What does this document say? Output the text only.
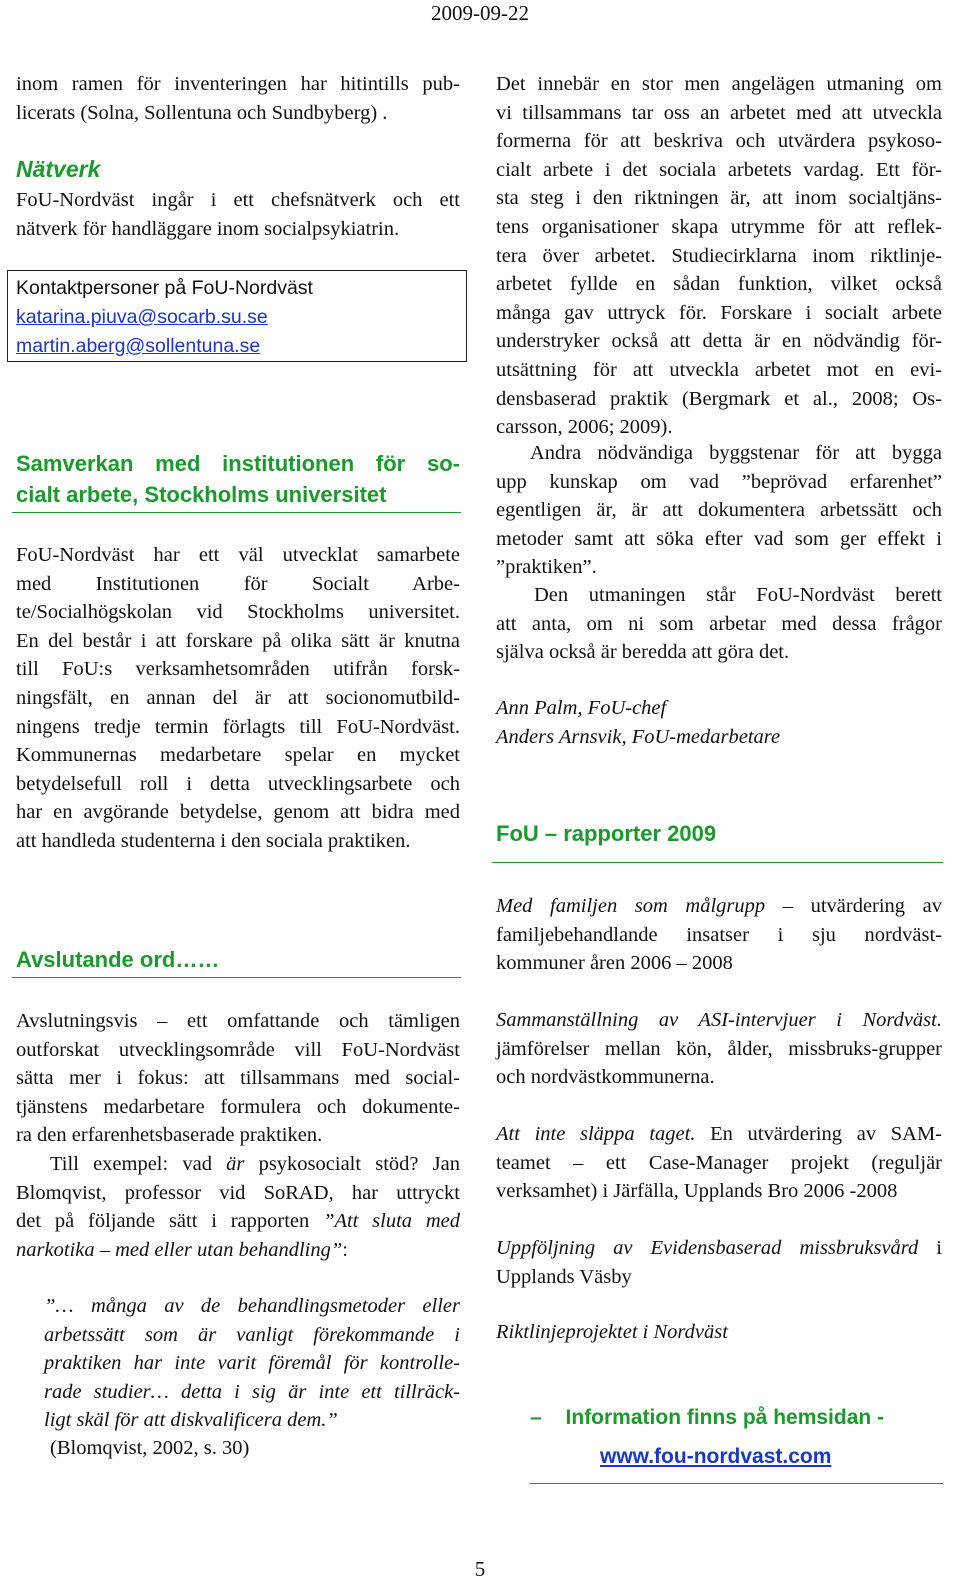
2009-09-22
5
inom ramen för inventeringen har hitintills pub-
licerats (Solna, Sollentuna och Sundbyberg) .
Nätverk
FoU-Nordväst ingår i ett chefsnätverk och ett
nätverk för handläggare inom socialpsykiatrin.
Kontaktpersoner på FoU-Nordväst
katarina.piuva@socarb.su.se
martin.aberg@sollentuna.se
Samverkan med institutionen för so-
cialt arbete, Stockholms universitet
FoU-Nordväst har ett väl utvecklat samarbete
med Institutionen för Socialt Arbe-
te/Socialhögskolan vid Stockholms universitet.
En del består i att forskare på olika sätt är knutna
till FoU:s verksamhetsområden utifrån forsk-
ningsfält, en annan del är att socionomutbild-
ningens tredje termin förlagts till FoU-Nordväst.
Kommunernas medarbetare spelar en mycket
betydelsefull roll i detta utvecklingsarbete och
har en avgörande betydelse, genom att bidra med
att handleda studenterna i den sociala praktiken.
Avslutande ord……
Avslutningsvis – ett omfattande och tämligen
outforskat utvecklingsområde vill FoU-Nordväst
sätta mer i fokus: att tillsammans med social-
tjänstens medarbetare formulera och dokumente-
ra den erfarenhetsbaserade praktiken.
Till exempel: vad är psykosocialt stöd? Jan
Blomqvist, professor vid SoRAD, har uttryckt
det på följande sätt i rapporten ”Att sluta med
narkotika – med eller utan behandling”:
”… många av de behandlingsmetoder eller
arbetssätt som är vanligt förekommande i
praktiken har inte varit föremål för kontrolle-
rade studier… detta i sig är inte ett tillräck-
ligt skäl för att diskvalificera dem.”
(Blomqvist, 2002, s. 30)
Det innebär en stor men angelägen utmaning om
vi tillsammans tar oss an arbetet med att utveckla
formerna för att beskriva och utvärdera psykoso-
cialt arbete i det sociala arbetets vardag. Ett för-
sta steg i den riktningen är, att inom socialtjäns-
tens organisationer skapa utrymme för att reflek-
tera över arbetet. Studiecirklarna inom riktlinje-
arbetet fyllde en sådan funktion, vilket också
många gav uttryck för. Forskare i socialt arbete
understryker också att detta är en nödvändig för-
utsättning för att utveckla arbetet mot en evi-
densbaserad praktik (Bergmark et al., 2008; Os-
carsson, 2006; 2009).
Andra nödvändiga byggstenar för att bygga
upp kunskap om vad ”beprövad erfarenhet”
egentligen är, är att dokumentera arbetssätt och
metoder samt att söka efter vad som ger effekt i
”praktiken”.
Den utmaningen står FoU-Nordväst berett
att anta, om ni som arbetar med dessa frågor
själva också är beredda att göra det.
Ann Palm, FoU-chef
Anders Arnsvik, FoU-medarbetare
FoU – rapporter 2009
Med familjen som målgrupp – utvärdering av
familjebehandlande insatser i sju nordväst-
kommuner åren 2006 – 2008
Sammanställning av ASI-intervjuer i Nordväst.
jämförelser mellan kön, ålder, missbruks-grupper
och nordvästkommunerna.
Att inte släppa taget. En utvärdering av SAM-
teamet – ett Case-Manager projekt (reguljär
verksamhet) i Järfälla, Upplands Bro 2006 -2008
Uppföljning av Evidensbaserad missbruksvård i
Upplands Väsby
Riktlinjeprojektet i Nordväst
– Information finns på hemsidan -
www.fou-nordvast.com
